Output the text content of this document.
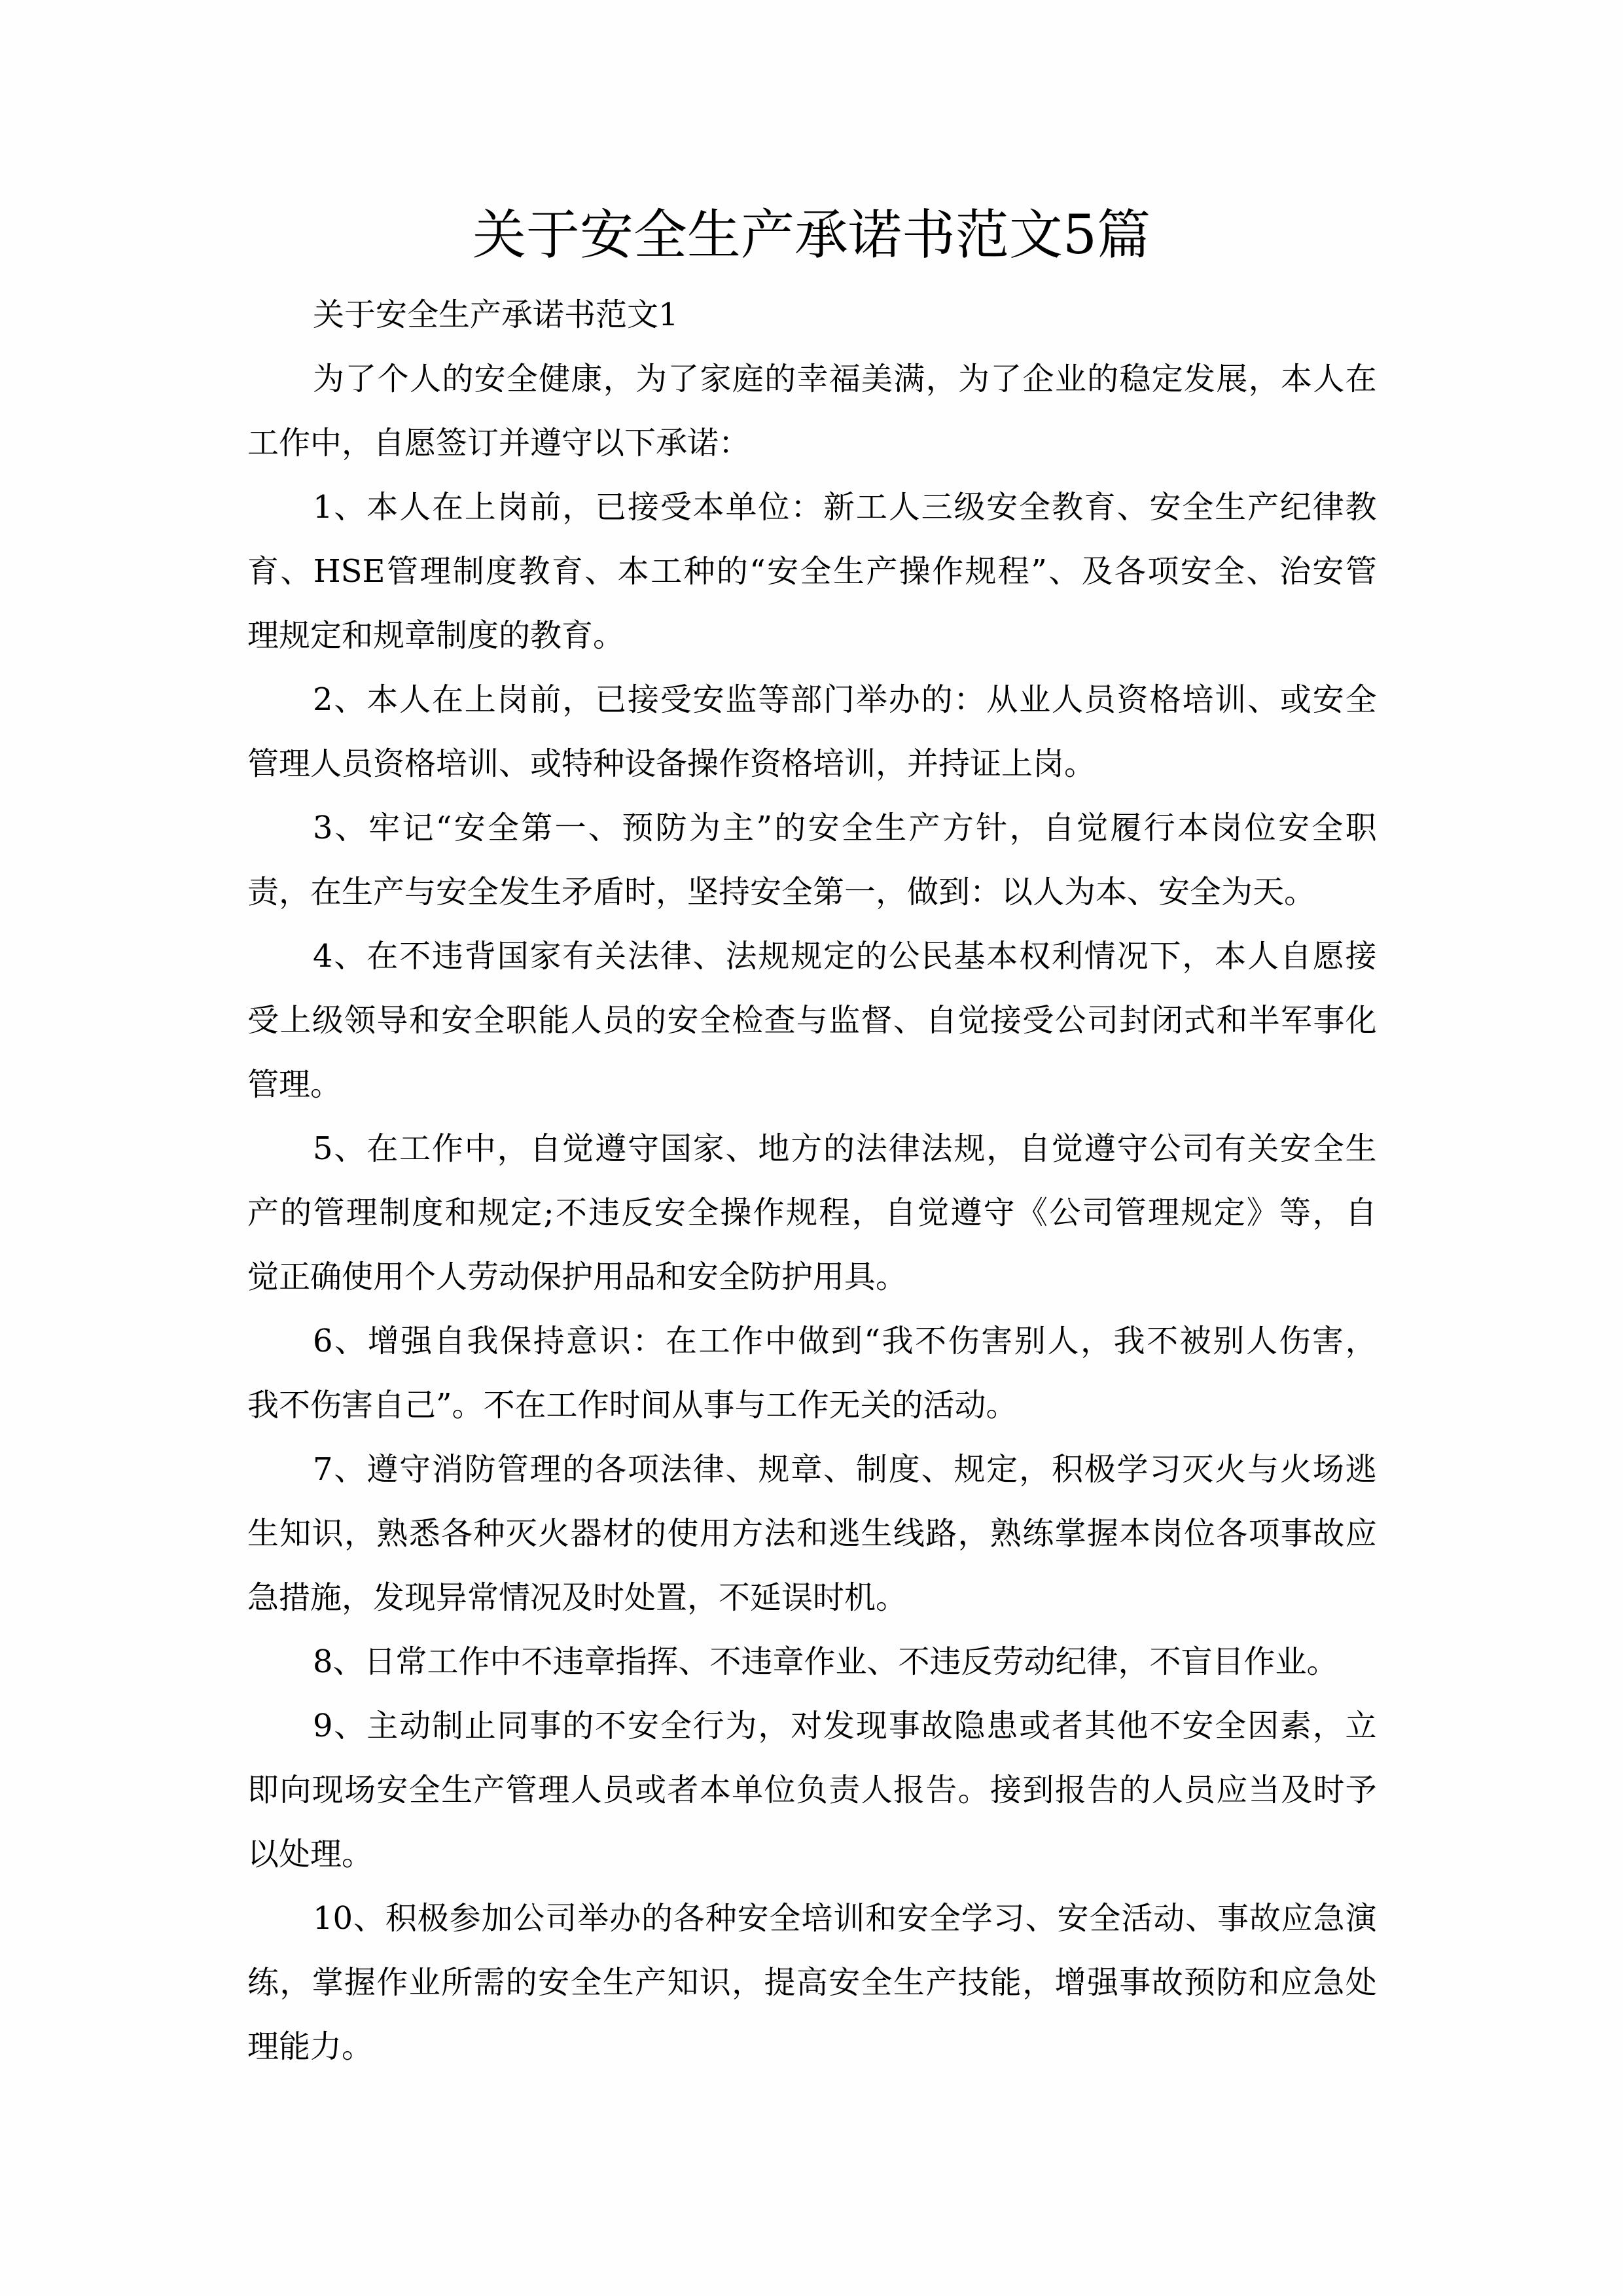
关于安全生产承诺书范文5篇
关于安全生产承诺书范文1
为 了 个 人 的 安 全 健 康 ， 为 了 家 庭 的 幸 福 美 满 ， 为 了 企 业 的 稳 定 发 展 ， 本 人 在
工作中，自愿签订并遵守以下承诺：
1 、 本 人 在 上 岗 前 ， 已 接 受 本 单 位 ： 新 工 人 三 级 安 全 教 育 、 安 全 生 产 纪 律 教
育 、 HSE 管 理 制 度 教 育 、 本 工 种 的 “ 安 全 生 产 操 作 规 程 ” 、 及 各 项 安 全 、 治 安 管
理规定和规章制度的教育。
2 、 本 人 在 上 岗 前 ， 已 接 受 安 监 等 部 门 举 办 的 ： 从 业 人 员 资 格 培 训 、 或 安 全
管理人员资格培训、或特种设备操作资格培训，并持证上岗。
3 、 牢 记 “ 安 全 第 一 、 预 防 为 主 ” 的 安 全 生 产 方 针 ， 自 觉 履 行 本 岗 位 安 全 职
责，在生产与安全发生矛盾时，坚持安全第一，做到：以人为本、安全为天。
4 、 在 不 违 背 国 家 有 关 法 律 、 法 规 规 定 的 公 民 基 本 权 利 情 况 下 ， 本 人 自 愿 接
受 上 级 领 导 和 安 全 职 能 人 员 的 安 全 检 查 与 监 督 、 自 觉 接 受 公 司 封 闭 式 和 半 军 事 化
管理。
5 、 在 工 作 中 ， 自 觉 遵 守 国 家 、 地 方 的 法 律 法 规 ， 自 觉 遵 守 公 司 有 关 安 全 生
产 的 管 理 制 度 和 规 定 ; 不 违 反 安 全 操 作 规 程 ， 自 觉 遵 守 《 公 司 管 理 规 定 》 等 ， 自
觉正确使用个人劳动保护用品和安全防护用具。
6 、 增 强 自 我 保 持 意 识 ： 在 工 作 中 做 到 “ 我 不 伤 害 别 人 ， 我 不 被 别 人 伤 害 ，
我不伤害自己”。不在工作时间从事与工作无关的活动。
7 、 遵 守 消 防 管 理 的 各 项 法 律 、 规 章 、 制 度 、 规 定 ， 积 极 学 习 灭 火 与 火 场 逃
生 知 识 ， 熟 悉 各 种 灭 火 器 材 的 使 用 方 法 和 逃 生 线 路 ， 熟 练 掌 握 本 岗 位 各 项 事 故 应
急措施，发现异常情况及时处置，不延误时机。
8、日常工作中不违章指挥、不违章作业、不违反劳动纪律，不盲目作业。
9 、 主 动 制 止 同 事 的 不 安 全 行 为 ， 对 发 现 事 故 隐 患 或 者 其 他 不 安 全 因 素 ， 立
即 向 现 场 安 全 生 产 管 理 人 员 或 者 本 单 位 负 责 人 报 告 。 接 到 报 告 的 人 员 应 当 及 时 予
以处理。
10 、 积 极 参 加 公 司 举 办 的 各 种 安 全 培 训 和 安 全 学 习 、 安 全 活 动 、 事 故 应 急 演
练 ， 掌 握 作 业 所 需 的 安 全 生 产 知 识 ， 提 高 安 全 生 产 技 能 ， 增 强 事 故 预 防 和 应 急 处
理能力。
